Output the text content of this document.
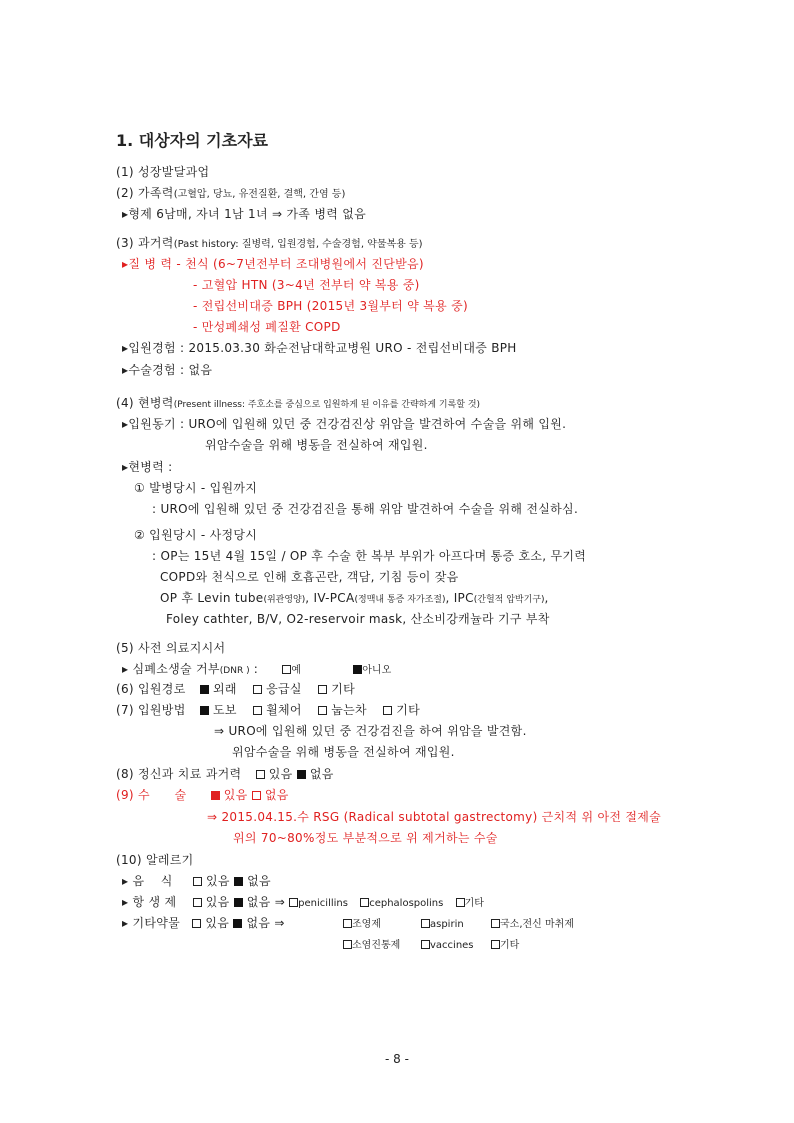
1. 대상자의 기초자료
(1) 성장발달과업
(2) 가족력(고혈압, 당뇨, 유전질환, 결핵, 간염 등)
▸형제 6남매, 자녀 1남 1녀 ⇒ 가족 병력 없음
(3) 과거력(Past history: 질병력, 입원경험, 수술경험, 약물복용 등)
▸질 병 력 - 천식 (6~7년전부터 조대병원에서 진단받음)
- 고혈압 HTN (3~4년 전부터 약 복용 중)
- 전립선비대증 BPH (2015년 3월부터 약 복용 중)
- 만성폐쇄성 폐질환 COPD
▸입원경험 : 2015.03.30 화순전남대학교병원 URO - 전립선비대증 BPH
▸수술경험 : 없음
(4) 현병력(Present illness: 주호소를 중심으로 입원하게 된 이유를 간략하게 기록할 것)
▸입원동기 : URO에 입원해 있던 중 건강검진상 위암을 발견하여 수술을 위해 입원.
위암수술을 위해 병동을 전실하여 재입원.
▸현병력 :
① 발병당시 - 입원까지
: URO에 입원해 있던 중 건강검진을 통해 위암 발견하여 수술을 위해 전실하심.
② 입원당시 - 사정당시
: OP는 15년 4월 15일 / OP 후 수술 한 복부 부위가 아프다며 통증 호소, 무기력
COPD와 천식으로 인해 호흡곤란, 객담, 기침 등이 잦음
OP 후 Levin tube(위관영양), IV-PCA(정맥내 통증 자가조절), IPC(간헐적 압박기구),
Foley cathter, B/V, O2-reservoir mask, 산소비강캐뉼라 기구 부착
(5) 사전 의료지시서
▸ 심폐소생술 거부(DNR ) :	예	아니오
(6) 입원경로 외래 응급실 기타
(7) 입원방법 도보 휠체어 눕는차 기타
⇒ URO에 입원해 있던 중 건강검진을 하여 위암을 발견함.
위암수술을 위해 병동을 전실하여 재입원.
(8) 정신과 치료 과거력 있음 없음
(9) 수　　술	있음 없음
⇒ 2015.04.15.수 RSG (Radical subtotal gastrectomy) 근치적 위 아전 절제술
위의 70~80%정도 부분적으로 위 제거하는 수술
(10) 알레르기
▸ 음　 식	있음 없음
▸ 항 생 제 있음 없음 ⇒ penicillins cephalospolins 기타
▸ 기타약물 있음 없음 ⇒	조영제	aspirin	국소,전신 마취제
소염진통제	vaccines	기타
- 8 -
